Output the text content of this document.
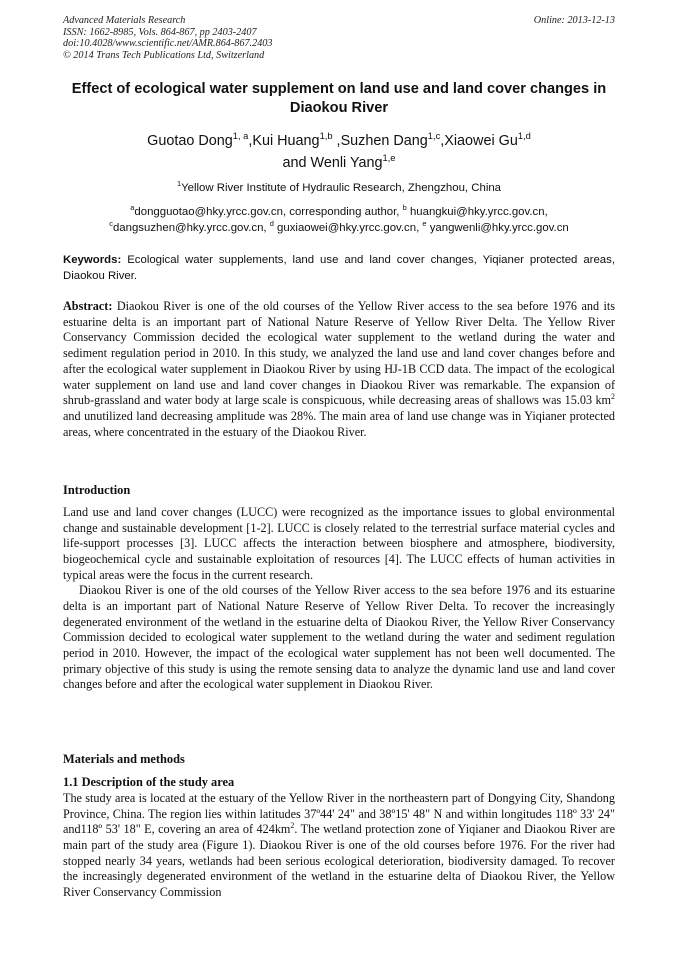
Advanced Materials Research
ISSN: 1662-8985, Vols. 864-867, pp 2403-2407
doi:10.4028/www.scientific.net/AMR.864-867.2403
© 2014 Trans Tech Publications Ltd, Switzerland
Online: 2013-12-13
Effect of ecological water supplement on land use and land cover changes in Diaokou River
Guotao Dong$^{1, a}$,Kui Huang$^{1,b}$ ,Suzhen Dang$^{1,c}$,Xiaowei Gu$^{1,d}$
and Wenli Yang$^{1,e}$
$^1$Yellow River Institute of Hydraulic Research, Zhengzhou, China
$^a$dongguotao@hky.yrcc.gov.cn, corresponding author, $^b$ huangkui@hky.yrcc.gov.cn,
$^c$dangsuzhen@hky.yrcc.gov.cn, $^d$ guxiaowei@hky.yrcc.gov.cn, $^e$ yangwenli@hky.yrcc.gov.cn
Keywords: Ecological water supplements, land use and land cover changes, Yiqianer protected areas, Diaokou River.
Abstract: Diaokou River is one of the old courses of the Yellow River access to the sea before 1976 and its estuarine delta is an important part of National Nature Reserve of Yellow River Delta. The Yellow River Conservancy Commission decided the ecological water supplement to the wetland during the water and sediment regulation period in 2010. In this study, we analyzed the land use and land cover changes before and after the ecological water supplement in Diaokou River by using HJ-1B CCD data. The impact of the ecological water supplement on land use and land cover changes in Diaokou River was remarkable. The expansion of shrub-grassland and water body at large scale is conspicuous, while decreasing areas of shallows was 15.03 $km^2$ and unutilized land decreasing amplitude was 28%. The main area of land use change was in Yiqianer protected areas, where concentrated in the estuary of the Diaokou River.
Introduction

Land use and land cover changes (LUCC) were recognized as the importance issues to global environmental change and sustainable development [1-2]. LUCC is closely related to the terrestrial surface material cycles and life-support processes [3]. LUCC affects the interaction between biosphere and atmosphere, biodiversity, biogeochemical cycle and sustainable exploitation of resources [4]. The LUCC effects of human activities in typical areas were the focus in the current research.

Diaokou River is one of the old courses of the Yellow River access to the sea before 1976 and its estuarine delta is an important part of National Nature Reserve of Yellow River Delta. To recover the increasingly degenerated environment of the wetland in the estuarine delta of Diaokou River, the Yellow River Conservancy Commission decided to ecological water supplement to the wetland during the water and sediment regulation period in 2010. However, the impact of the ecological water supplement has not been well documented. The primary objective of this study is using the remote sensing data to analyze the dynamic land use and land cover changes before and after the ecological water supplement in Diaokou River.

Materials and methods
1.1 Description of the study area

The study area is located at the estuary of the Yellow River in the northeastern part of Dongying City, Shandong Province, China. The region lies within latitudes 37º44' 24" and 38º15' 48" N and within longitudes 118º 33' 24" and118º 53' 18" E, covering an area of $424km^2$. The wetland protection zone of Yiqianer and Diaokou River are main part of the study area (Figure 1). Diaokou River is one of the old courses before 1976. For the river had stopped nearly 34 years, wetlands had been serious ecological deterioration, biodiversity damaged. To recover the increasingly degenerated environment of the wetland in the estuarine delta of Diaokou River, the Yellow River Conservancy Commission
